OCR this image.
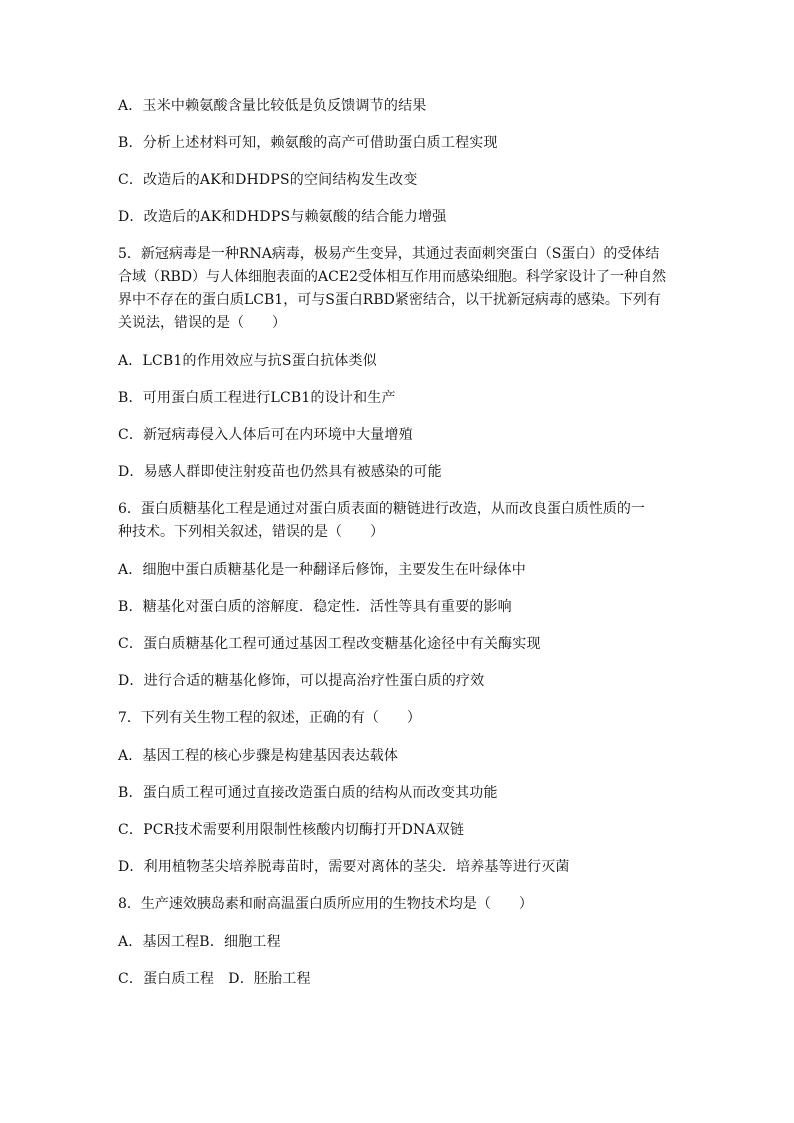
A．玉米中赖氨酸含量比较低是负反馈调节的结果
B．分析上述材料可知，赖氨酸的高产可借助蛋白质工程实现
C．改造后的AK和DHDPS的空间结构发生改变
D．改造后的AK和DHDPS与赖氨酸的结合能力增强
5．新冠病毒是一种RNA病毒，极易产生变异，其通过表面刺突蛋白（S蛋白）的受体结
合域（RBD）与人体细胞表面的ACE2受体相互作用而感染细胞。科学家设计了一种自然
界中不存在的蛋白质LCB1，可与S蛋白RBD紧密结合，以干扰新冠病毒的感染。下列有
关说法，错误的是（　　）
A．LCB1的作用效应与抗S蛋白抗体类似
B．可用蛋白质工程进行LCB1的设计和生产
C．新冠病毒侵入人体后可在内环境中大量增殖
D．易感人群即使注射疫苗也仍然具有被感染的可能
6．蛋白质糖基化工程是通过对蛋白质表面的糖链进行改造，从而改良蛋白质性质的一
种技术。下列相关叙述，错误的是（　　）
A．细胞中蛋白质糖基化是一种翻译后修饰，主要发生在叶绿体中
B．糖基化对蛋白质的溶解度．稳定性．活性等具有重要的影响
C．蛋白质糖基化工程可通过基因工程改变糖基化途径中有关酶实现
D．进行合适的糖基化修饰，可以提高治疗性蛋白质的疗效
7．下列有关生物工程的叙述，正确的有（　　）
A．基因工程的核心步骤是构建基因表达载体
B．蛋白质工程可通过直接改造蛋白质的结构从而改变其功能
C．PCR技术需要利用限制性核酸内切酶打开DNA双链
D．利用植物茎尖培养脱毒苗时，需要对离体的茎尖．培养基等进行灭菌
8．生产速效胰岛素和耐高温蛋白质所应用的生物技术均是（　　）
A．基因工程B．细胞工程
C．蛋白质工程　D．胚胎工程
